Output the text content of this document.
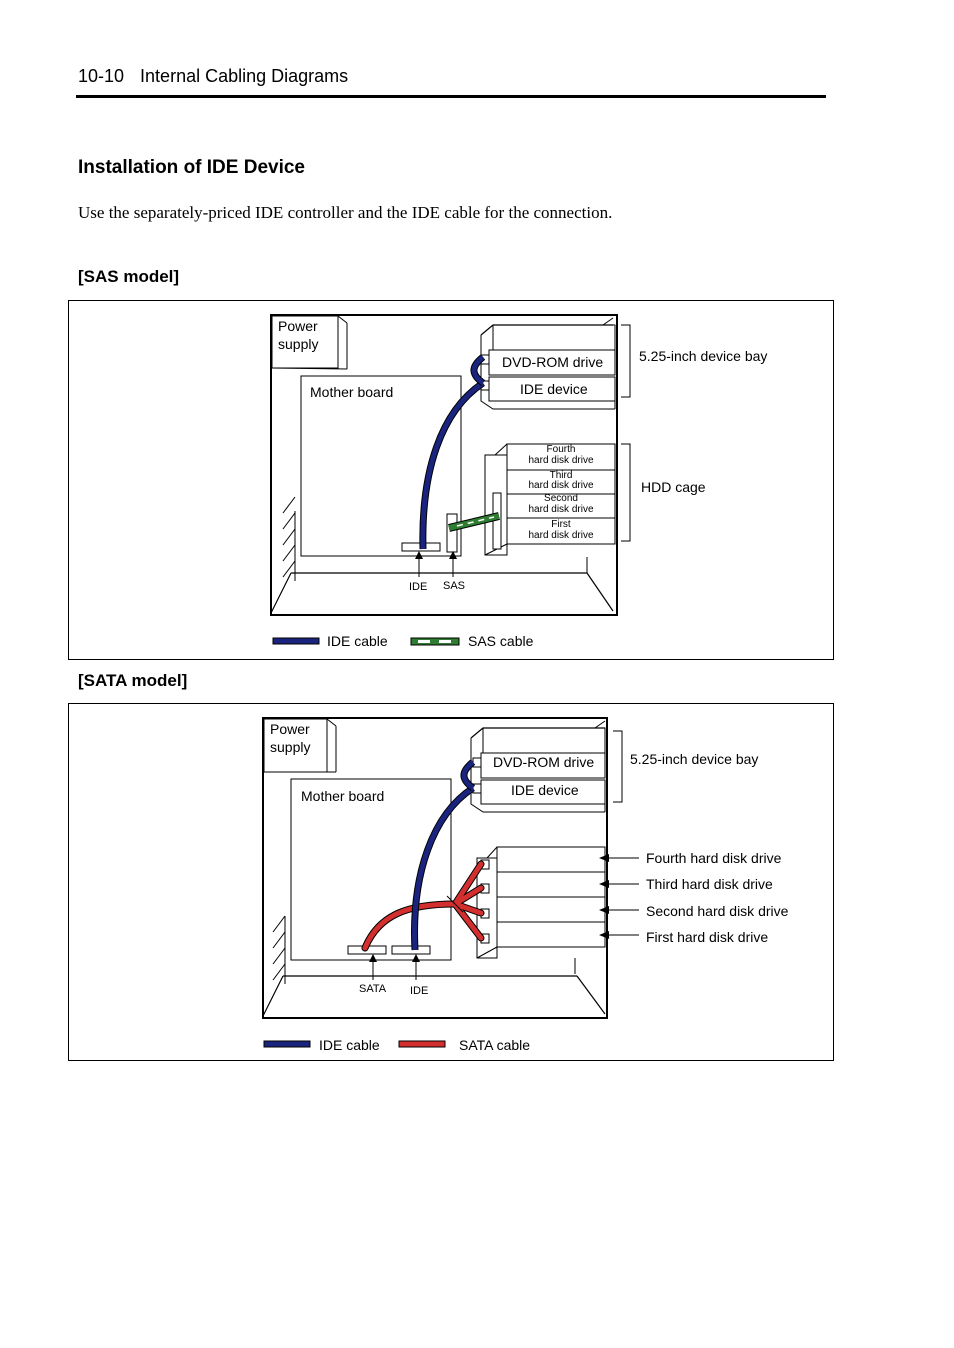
10-10 Internal Cabling Diagrams
Installation of IDE Device
Use the separately-priced IDE controller and the IDE cable for the connection.
[SAS model]
Power
supply
Mother board
IDE SAS
DVD-ROM drive
IDE device
5.25-inch device bay
Fourth
hard disk drive
Third
hard disk drive
Second
hard disk drive
First
hard disk drive
HDD cage
IDE cable	SAS cable
[SATA model]
Power
supply
Mother board
SATA IDE
DVD-ROM drive
IDE device
5.25-inch device bay
Fourth hard disk drive
Third hard disk drive
Second hard disk drive
First hard disk drive
IDE cable	SATA cable
